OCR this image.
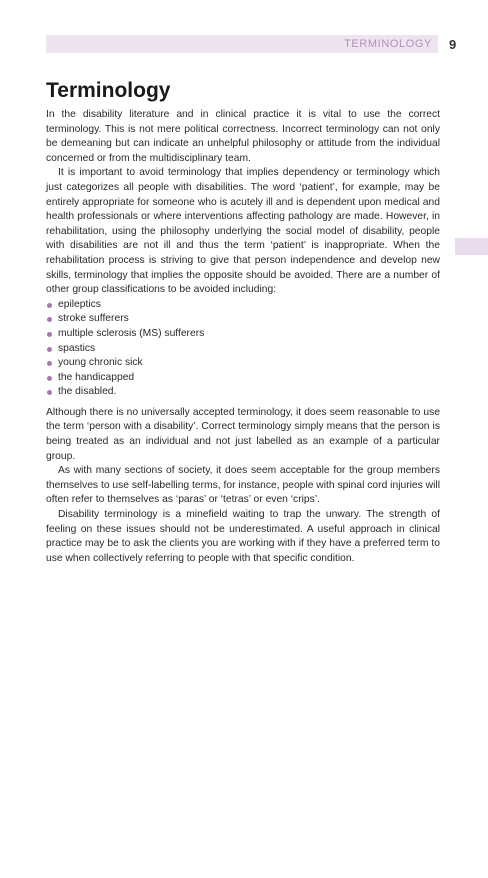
TERMINOLOGY 9
Terminology

In the disability literature and in clinical practice it is vital to use the correct terminology. This is not mere political correctness. Incorrect terminology can not only be demeaning but can indicate an unhelpful philosophy or attitude from the individual concerned or from the multidisciplinary team.

It is important to avoid terminology that implies dependency or terminology which just categorizes all people with disabilities. The word ‘patient’, for example, may be entirely appropriate for someone who is acutely ill and is dependent upon medical and health professionals or where interventions affecting pathology are made. However, in rehabilitation, using the philosophy underlying the social model of disability, people with disabilities are not ill and thus the term ‘patient’ is inappropriate. When the rehabilitation process is striving to give that person independence and develop new skills, terminology that implies the opposite should be avoided. There are a number of other group classifications to be avoided including:

epileptics
stroke sufferers
multiple sclerosis (MS) sufferers
spastics
young chronic sick
the handicapped
the disabled.

Although there is no universally accepted terminology, it does seem reasonable to use the term ‘person with a disability’. Correct terminology simply means that the person is being treated as an individual and not just labelled as an example of a particular group.

As with many sections of society, it does seem acceptable for the group members themselves to use self-labelling terms, for instance, people with spinal cord injuries will often refer to themselves as ‘paras’ or ‘tetras’ or even ‘crips’.

Disability terminology is a minefield waiting to trap the unwary. The strength of feeling on these issues should not be underestimated. A useful approach in clinical practice may be to ask the clients you are working with if they have a preferred term to use when collectively referring to people with that specific condition.
